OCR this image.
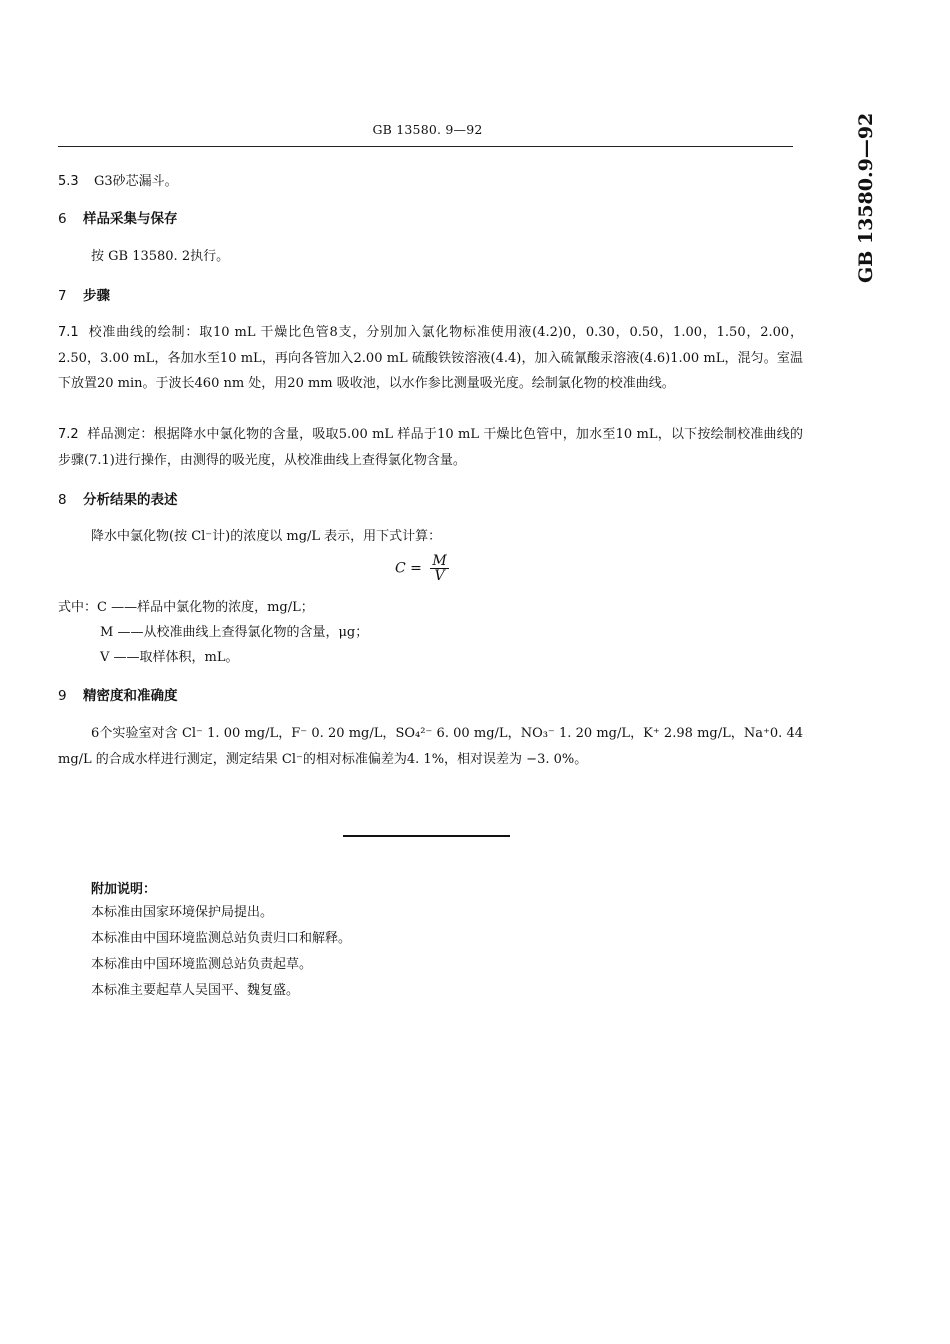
GB 13580. 9—92	GB 13580.9—92
5.3 G3砂芯漏斗。
6 样品采集与保存
按 GB 13580. 2执行。
7 步骤
7.1 校准曲线的绘制：取10 mL 干燥比色管8支，分别加入氯化物标准使用液(4.2)0，0.30，0.50，1.00，1.50，2.00，2.50，3.00 mL，各加水至10 mL，再向各管加入2.00 mL 硫酸铁铵溶液(4.4)，加入硫氰酸汞溶液(4.6)1.00 mL，混匀。室温下放置20 min。于波长460 nm 处，用20 mm 吸收池，以水作参比测量吸光度。绘制氯化物的校准曲线。
7.2 样品测定：根据降水中氯化物的含量，吸取5.00 mL 样品于10 mL 干燥比色管中，加水至10 mL，以下按绘制校准曲线的步骤(7.1)进行操作，由测得的吸光度，从校准曲线上查得氯化物含量。
8 分析结果的表述
降水中氯化物(按 Cl⁻计)的浓度以 mg/L 表示，用下式计算：
$C = \frac{M}{V}$
式中：C ——样品中氯化物的浓度，mg/L；
M ——从校准曲线上查得氯化物的含量，μg；
V ——取样体积，mL。
9 精密度和准确度
6个实验室对含 Cl⁻ 1. 00 mg/L，F⁻ 0. 20 mg/L，SO₄²⁻ 6. 00 mg/L，NO₃⁻ 1. 20 mg/L，K⁺ 2.98 mg/L，Na⁺0. 44 mg/L 的合成水样进行测定，测定结果 Cl⁻的相对标准偏差为4. 1%，相对误差为 −3. 0%。
附加说明：
本标准由国家环境保护局提出。
本标准由中国环境监测总站负责归口和解释。
本标准由中国环境监测总站负责起草。
本标准主要起草人吴国平、魏复盛。
